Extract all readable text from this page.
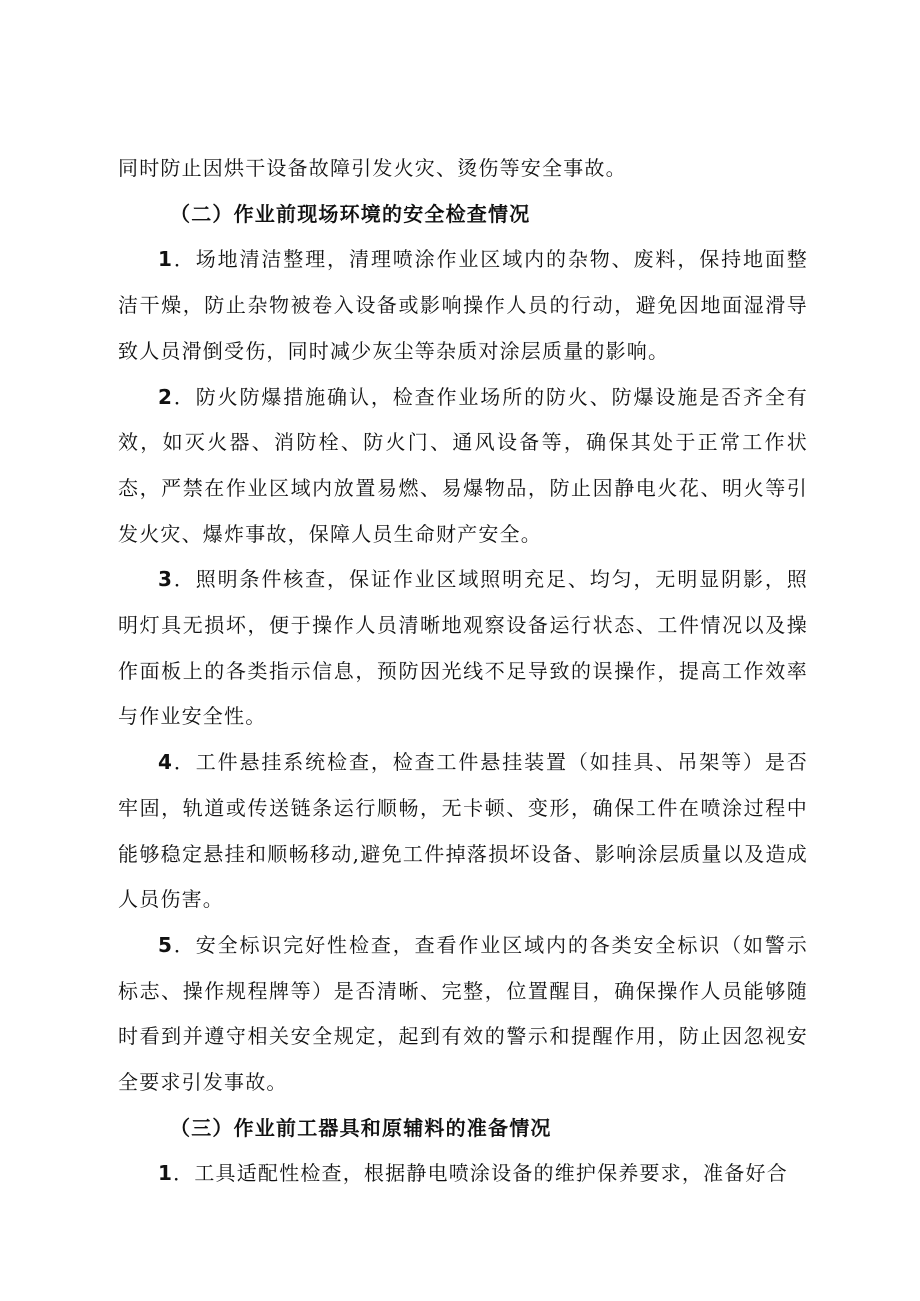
同时防止因烘干设备故障引发火灾、烫伤等安全事故。

（二）作业前现场环境的安全检查情况

1．场地清洁整理，清理喷涂作业区域内的杂物、废料，保持地面整洁干燥，防止杂物被卷入设备或影响操作人员的行动，避免因地面湿滑导致人员滑倒受伤，同时减少灰尘等杂质对涂层质量的影响。

2．防火防爆措施确认，检查作业场所的防火、防爆设施是否齐全有效，如灭火器、消防栓、防火门、通风设备等，确保其处于正常工作状态，严禁在作业区域内放置易燃、易爆物品，防止因静电火花、明火等引发火灾、爆炸事故，保障人员生命财产安全。

3．照明条件核查，保证作业区域照明充足、均匀，无明显阴影，照明灯具无损坏，便于操作人员清晰地观察设备运行状态、工件情况以及操作面板上的各类指示信息，预防因光线不足导致的误操作，提高工作效率与作业安全性。

4．工件悬挂系统检查，检查工件悬挂装置（如挂具、吊架等）是否牢固，轨道或传送链条运行顺畅，无卡顿、变形，确保工件在喷涂过程中能够稳定悬挂和顺畅移动,避免工件掉落损坏设备、影响涂层质量以及造成人员伤害。

5．安全标识完好性检查，查看作业区域内的各类安全标识（如警示标志、操作规程牌等）是否清晰、完整，位置醒目，确保操作人员能够随时看到并遵守相关安全规定，起到有效的警示和提醒作用，防止因忽视安全要求引发事故。

（三）作业前工器具和原辅料的准备情况

1．工具适配性检查，根据静电喷涂设备的维护保养要求，准备好合
